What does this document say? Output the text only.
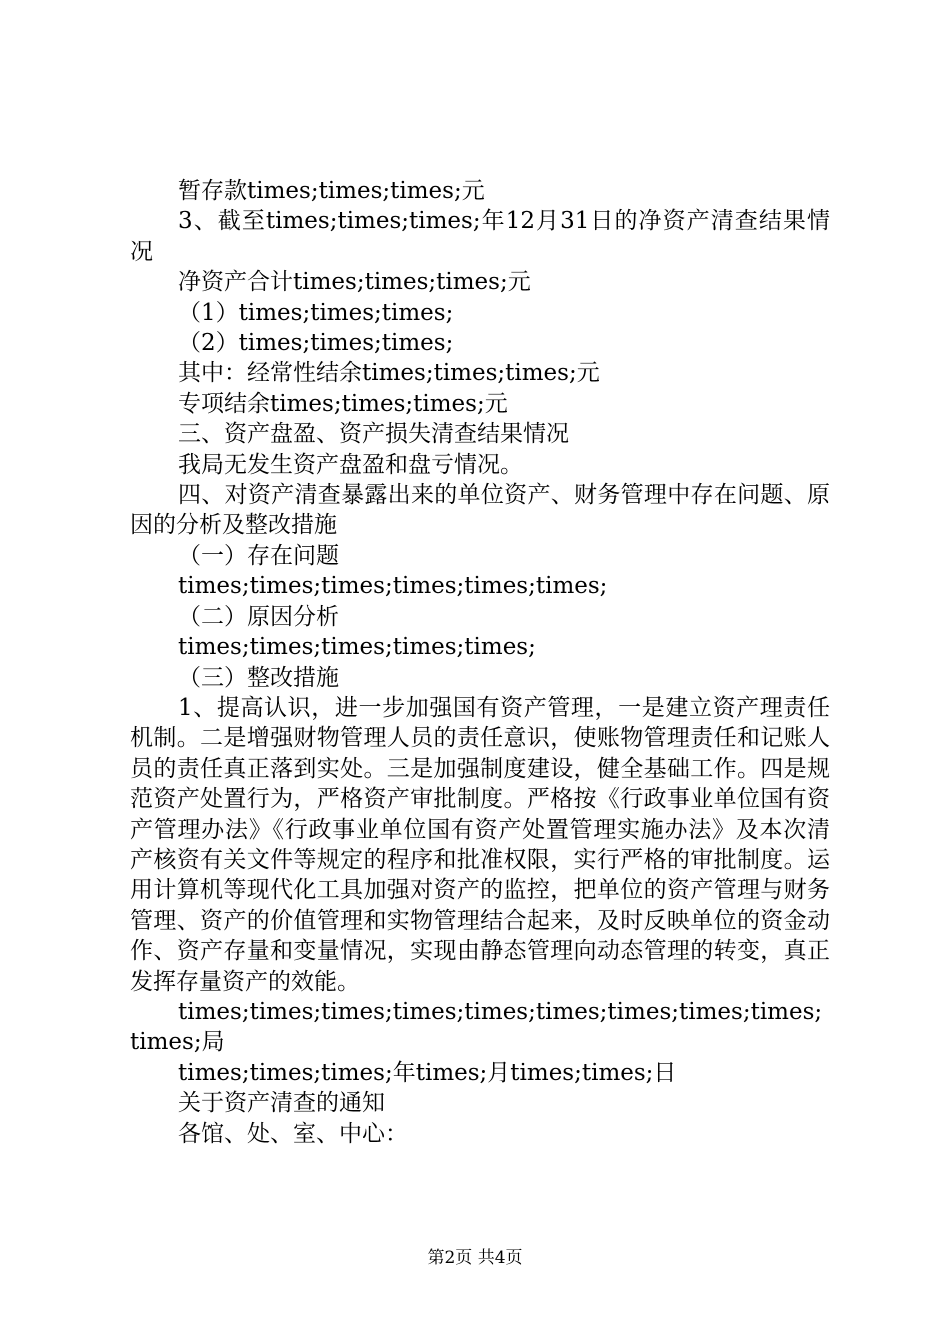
暂存款times;times;times;元

3、截至times;times;times;年12月31日的净资产清查结果情况

净资产合计times;times;times;元

（1）times;times;times;

（2）times;times;times;

其中：经常性结余times;times;times;元

专项结余times;times;times;元

三、资产盘盈、资产损失清查结果情况

我局无发生资产盘盈和盘亏情况。

四、对资产清查暴露出来的单位资产、财务管理中存在问题、原因的分析及整改措施

（一）存在问题

times;times;times;times;times;times;

（二）原因分析

times;times;times;times;times;

（三）整改措施

1、提高认识，进一步加强国有资产管理，一是建立资产理责任机制。二是增强财物管理人员的责任意识，使账物管理责任和记账人员的责任真正落到实处。三是加强制度建设，健全基础工作。四是规范资产处置行为，严格资产审批制度。严格按《行政事业单位国有资产管理办法》《行政事业单位国有资产处置管理实施办法》及本次清产核资有关文件等规定的程序和批准权限，实行严格的审批制度。运用计算机等现代化工具加强对资产的监控，把单位的资产管理与财务管理、资产的价值管理和实物管理结合起来，及时反映单位的资金动作、资产存量和变量情况，实现由静态管理向动态管理的转变，真正发挥存量资产的效能。

times;times;times;times;times;times;times;times;times;times;局

times;times;times;年times;月times;times;日

关于资产清查的通知

各馆、处、室、中心：

第2页 共4页
